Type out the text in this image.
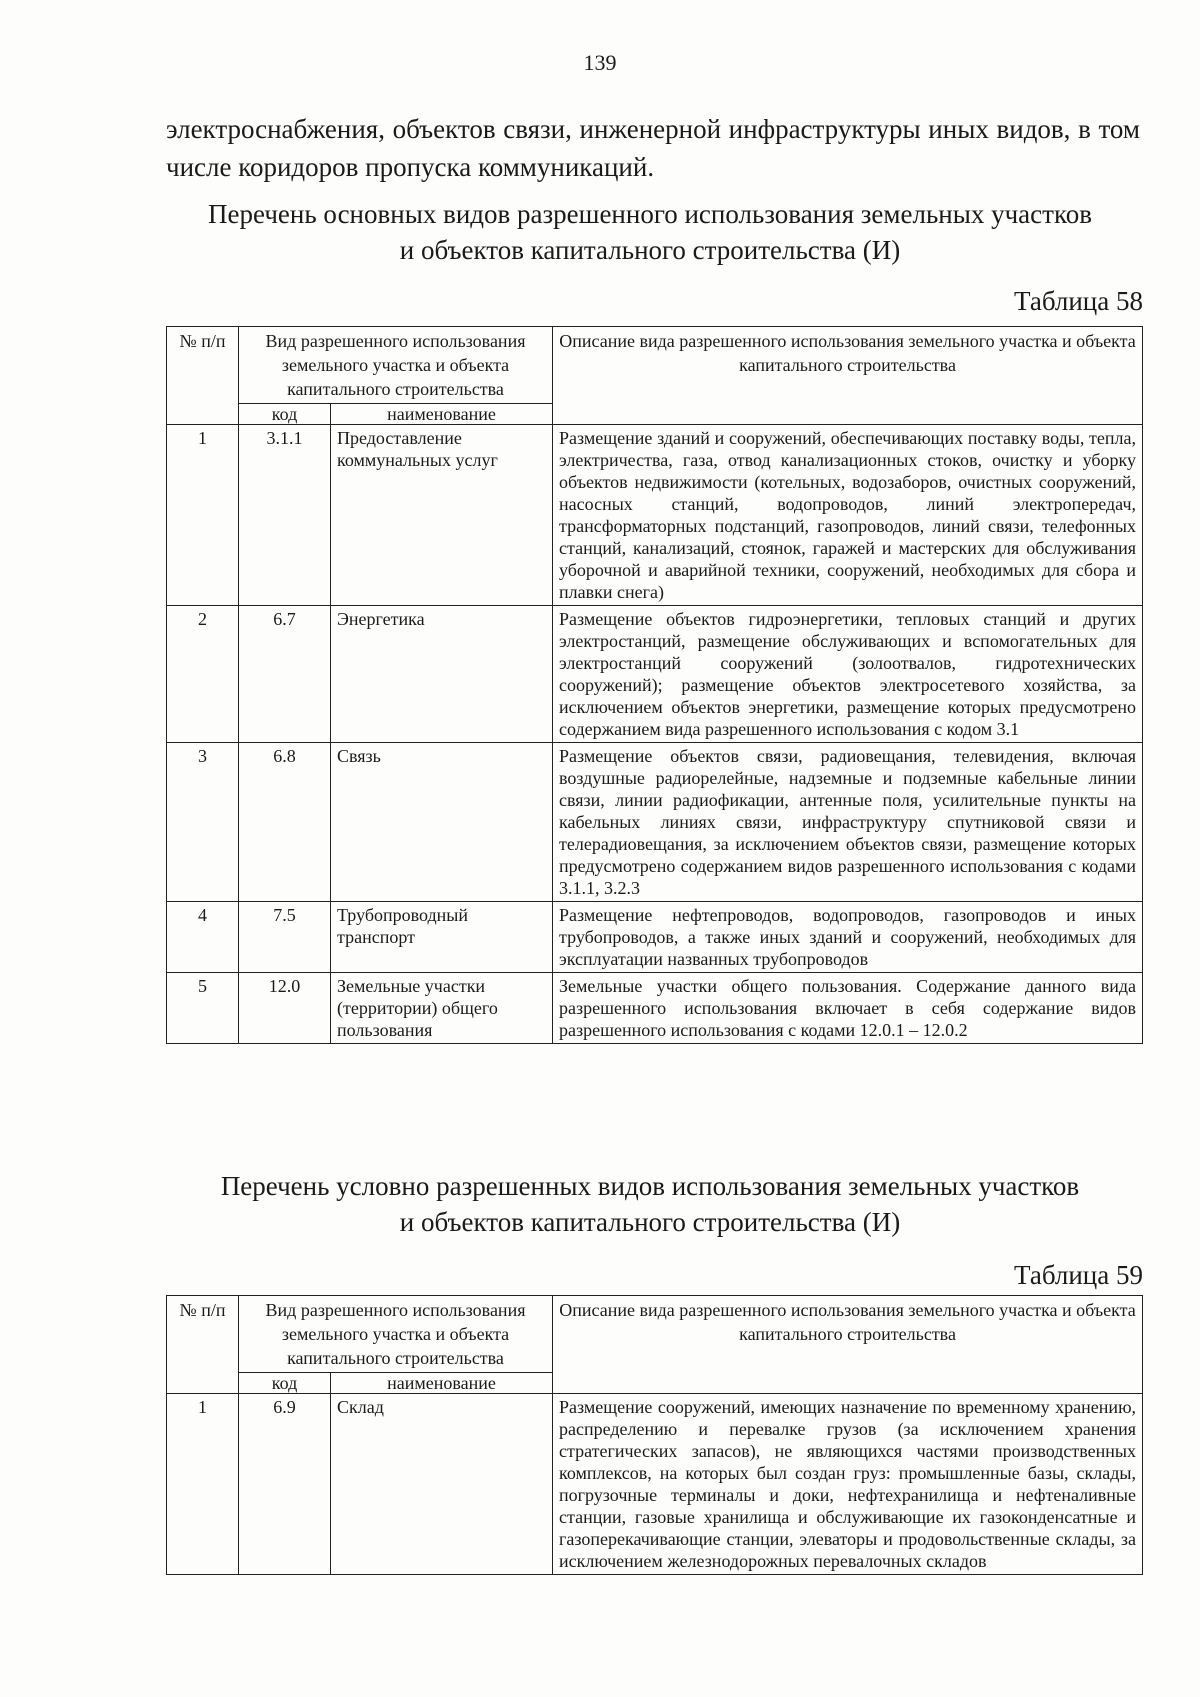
139
электроснабжения, объектов связи, инженерной инфраструктуры иных видов, в том числе коридоров пропуска коммуникаций.
Перечень основных видов разрешенного использования земельных участков
и объектов капитального строительства (И)
Таблица 58
№ п/п	Вид разрешенного использования земельного участка и объекта капитального строительства		Описание вида разрешенного использования земельного участка и объекта капитального строительства
	код	наименование	
1	3.1.1	Предоставление коммунальных услуг	Размещение зданий и сооружений, обеспечивающих поставку воды, тепла, электричества, газа, отвод канализационных стоков, очистку и уборку объектов недвижимости (котельных, водозаборов, очистных сооружений, насосных станций, водопроводов, линий электропередач, трансформаторных подстанций, газопроводов, линий связи, телефонных станций, канализаций, стоянок, гаражей и мастерских для обслуживания уборочной и аварийной техники, сооружений, необходимых для сбора и плавки снега)
2	6.7	Энергетика	Размещение объектов гидроэнергетики, тепловых станций и других электростанций, размещение обслуживающих и вспомогательных для электростанций сооружений (золоотвалов, гидротехнических сооружений); размещение объектов электросетевого хозяйства, за исключением объектов энергетики, размещение которых предусмотрено содержанием вида разрешенного использования с кодом 3.1
3	6.8	Связь	Размещение объектов связи, радиовещания, телевидения, включая воздушные радиорелейные, надземные и подземные кабельные линии связи, линии радиофикации, антенные поля, усилительные пункты на кабельных линиях связи, инфраструктуру спутниковой связи и телерадиовещания, за исключением объектов связи, размещение которых предусмотрено содержанием видов разрешенного использования с кодами 3.1.1, 3.2.3
4	7.5	Трубопроводный транспорт	Размещение нефтепроводов, водопроводов, газопроводов и иных трубопроводов, а также иных зданий и сооружений, необходимых для эксплуатации названных трубопроводов
5	12.0	Земельные участки (территории) общего пользования	Земельные участки общего пользования. Содержание данного вида разрешенного использования включает в себя содержание видов разрешенного использования с кодами 12.0.1 – 12.0.2
Перечень условно разрешенных видов использования земельных участков
и объектов капитального строительства (И)
Таблица 59
№ п/п	Вид разрешенного использования земельного участка и объекта капитального строительства		Описание вида разрешенного использования земельного участка и объекта капитального строительства
	код	наименование	
1	6.9	Склад	Размещение сооружений, имеющих назначение по временному хранению, распределению и перевалке грузов (за исключением хранения стратегических запасов), не являющихся частями производственных комплексов, на которых был создан груз: промышленные базы, склады, погрузочные терминалы и доки, нефтехранилища и нефтеналивные станции, газовые хранилища и обслуживающие их газоконденсатные и газоперекачивающие станции, элеваторы и продовольственные склады, за исключением железнодорожных перевалочных складов
